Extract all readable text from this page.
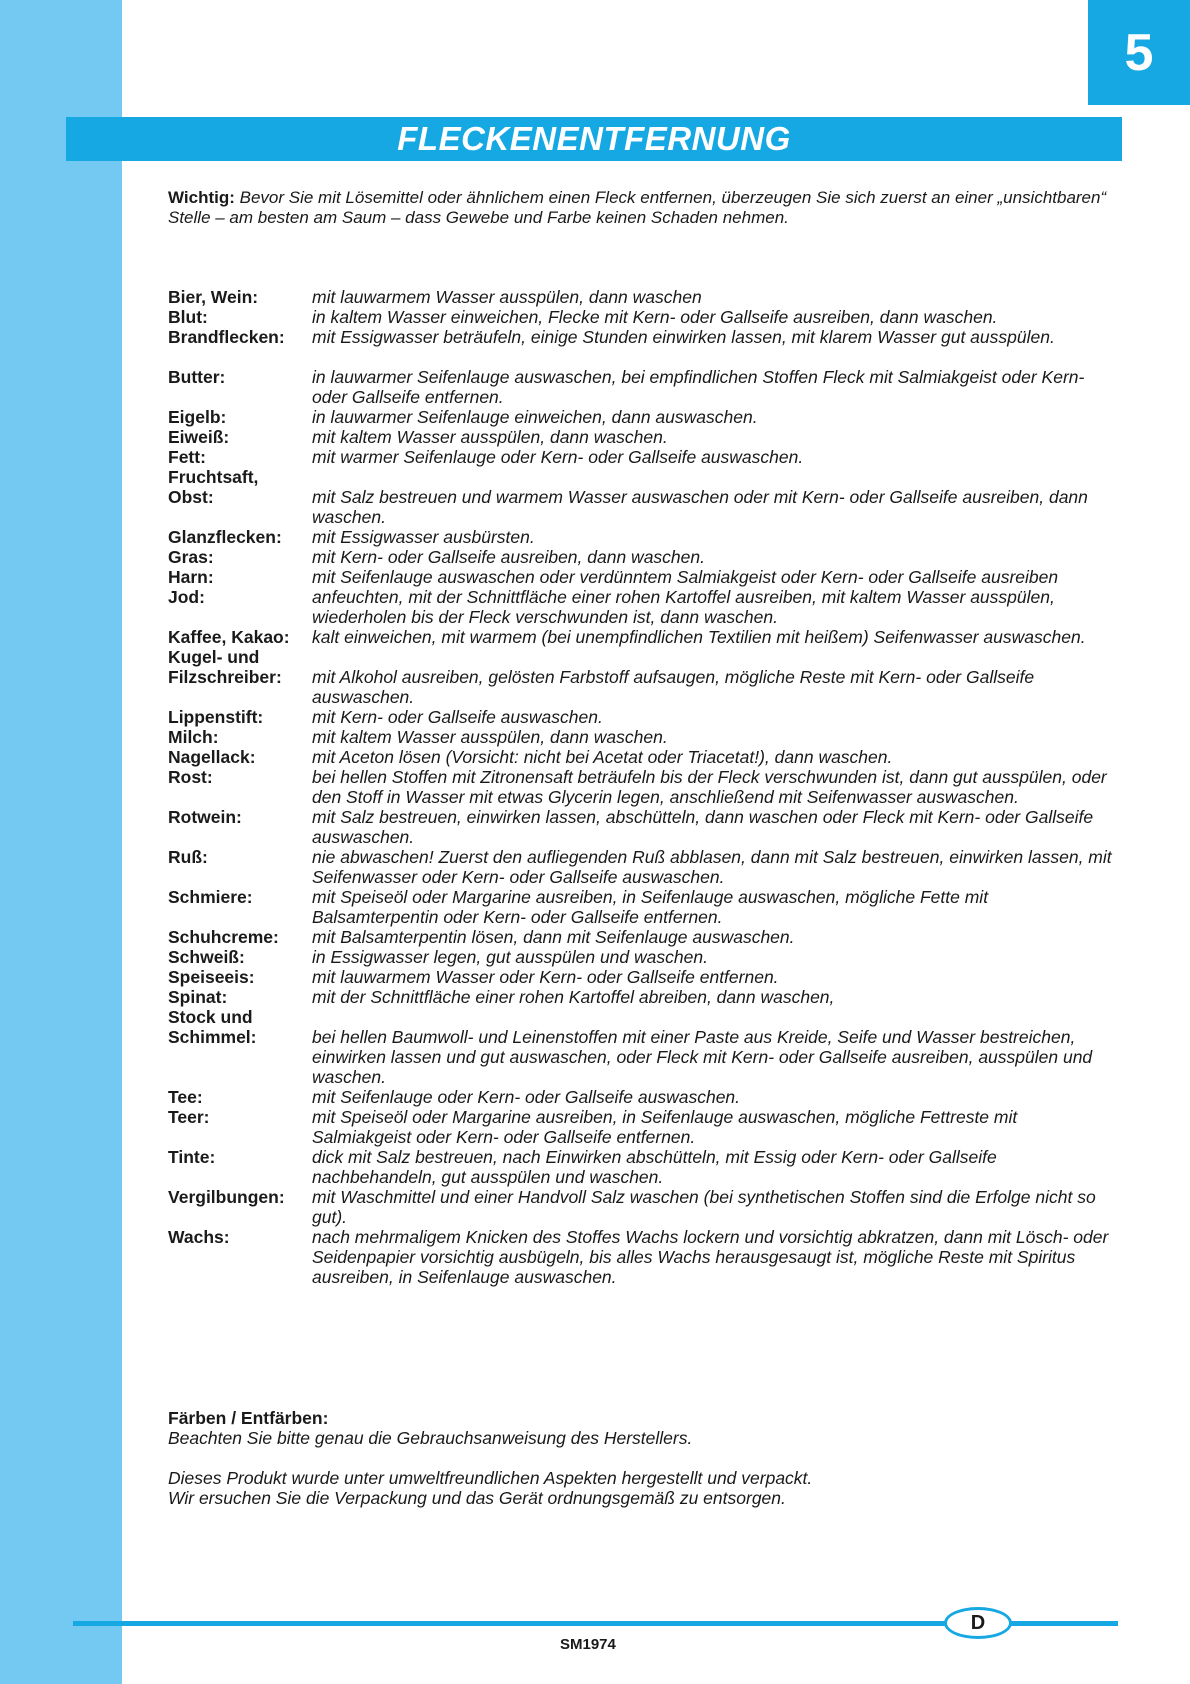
5
FLECKENENTFERNUNG
Wichtig: Bevor Sie mit Lösemittel oder ähnlichem einen Fleck entfernen, überzeugen Sie sich zuerst an einer „unsichtbaren“ Stelle – am besten am Saum – dass Gewebe und Farbe keinen Schaden nehmen.
Bier, Wein:	mit lauwarmem Wasser ausspülen, dann waschen
Blut:	in kaltem Wasser einweichen, Flecke mit Kern- oder Gallseife ausreiben, dann waschen.
Brandflecken:	mit Essigwasser beträufeln, einige Stunden einwirken lassen, mit klarem Wasser gut ausspülen.
Butter:	in lauwarmer Seifenlauge auswaschen, bei empfindlichen Stoffen Fleck mit Salmiakgeist oder Kern- oder Gallseife entfernen.
Eigelb:	in lauwarmer Seifenlauge einweichen, dann auswaschen.
Eiweiß:	mit kaltem Wasser ausspülen, dann waschen.
Fett:	mit warmer Seifenlauge oder Kern- oder Gallseife auswaschen.
Fruchtsaft,
Obst:	mit Salz bestreuen und warmem Wasser auswaschen oder mit Kern- oder Gallseife ausreiben, dann waschen.
Glanzflecken:	mit Essigwasser ausbürsten.
Gras:	mit Kern- oder Gallseife ausreiben, dann waschen.
Harn:	mit Seifenlauge auswaschen oder verdünntem Salmiakgeist oder Kern- oder Gallseife ausreiben
Jod:	anfeuchten, mit der Schnittfläche einer rohen Kartoffel ausreiben, mit kaltem Wasser ausspülen, wiederholen bis der Fleck verschwunden ist, dann waschen.
Kaffee, Kakao:	kalt einweichen, mit warmem (bei unempfindlichen Textilien mit heißem) Seifenwasser auswaschen.
Kugel- und
Filzschreiber:	mit Alkohol ausreiben, gelösten Farbstoff aufsaugen, mögliche Reste mit Kern- oder Gallseife auswaschen.
Lippenstift:	mit Kern- oder Gallseife auswaschen.
Milch:	mit kaltem Wasser ausspülen, dann waschen.
Nagellack:	mit Aceton lösen (Vorsicht: nicht bei Acetat oder Triacetat!), dann waschen.
Rost:	bei hellen Stoffen mit Zitronensaft beträufeln bis der Fleck verschwunden ist, dann gut ausspülen, oder den Stoff in Wasser mit etwas Glycerin legen, anschließend mit Seifenwasser auswaschen.
Rotwein:	mit Salz bestreuen, einwirken lassen, abschütteln, dann waschen oder Fleck mit Kern- oder Gallseife auswaschen.
Ruß:	nie abwaschen! Zuerst den aufliegenden Ruß abblasen, dann mit Salz bestreuen, einwirken lassen, mit Seifenwasser oder Kern- oder Gallseife auswaschen.
Schmiere:	mit Speiseöl oder Margarine ausreiben, in Seifenlauge auswaschen, mögliche Fette mit Balsamterpentin oder Kern- oder Gallseife entfernen.
Schuhcreme:	mit Balsamterpentin lösen, dann mit Seifenlauge auswaschen.
Schweiß:	in Essigwasser legen, gut ausspülen und waschen.
Speiseeis:	mit lauwarmem Wasser oder Kern- oder Gallseife entfernen.
Spinat:	mit der Schnittfläche einer rohen Kartoffel abreiben, dann waschen,
Stock und
Schimmel:	bei hellen Baumwoll- und Leinenstoffen mit einer Paste aus Kreide, Seife und Wasser bestreichen, einwirken lassen und gut auswaschen, oder Fleck mit Kern- oder Gallseife ausreiben, ausspülen und waschen.
Tee:	mit Seifenlauge oder Kern- oder Gallseife auswaschen.
Teer:	mit Speiseöl oder Margarine ausreiben, in Seifenlauge auswaschen, mögliche Fettreste mit Salmiakgeist oder Kern- oder Gallseife entfernen.
Tinte:	dick mit Salz bestreuen, nach Einwirken abschütteln, mit Essig oder Kern- oder Gallseife nachbehandeln, gut ausspülen und waschen.
Vergilbungen:	mit Waschmittel und einer Handvoll Salz waschen (bei synthetischen Stoffen sind die Erfolge nicht so gut).
Wachs:	nach mehrmaligem Knicken des Stoffes Wachs lockern und vorsichtig abkratzen, dann mit Lösch- oder Seidenpapier vorsichtig ausbügeln, bis alles Wachs herausgesaugt ist, mögliche Reste mit Spiritus ausreiben, in Seifenlauge auswaschen.
Färben / Entfärben:
Beachten Sie bitte genau die Gebrauchsanweisung des Herstellers.
Dieses Produkt wurde unter umweltfreundlichen Aspekten hergestellt und verpackt.
Wir ersuchen Sie die Verpackung und das Gerät ordnungsgemäß zu entsorgen.
D
SM1974
